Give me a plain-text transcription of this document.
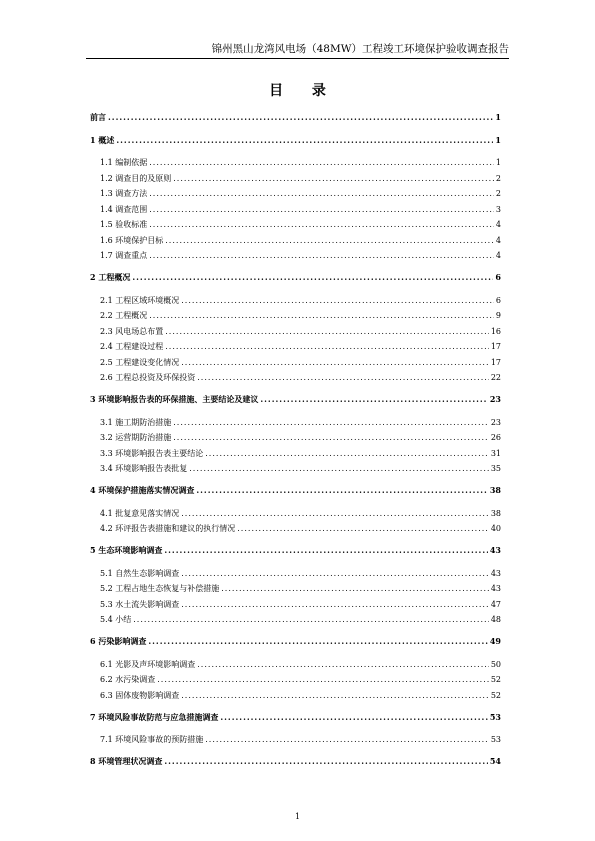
锦州黑山龙湾风电场（48MW）工程竣工环境保护验收调查报告
目 录
前言 .....	1
1 概述 .....	1
1.1 编制依据 .....	1
1.2 调查目的及原则 .....	2
1.3 调查方法 .....	2
1.4 调查范围 .....	3
1.5 验收标准 .....	4
1.6 环境保护目标 .....	4
1.7 调查重点 .....	4
2 工程概况 .....	6
2.1 工程区域环境概况 .....	6
2.2 工程概况 .....	9
2.3 风电场总布置 .....	16
2.4 工程建设过程 .....	17
2.5 工程建设变化情况 .....	17
2.6 工程总投资及环保投资 .....	22
3 环境影响报告表的环保措施、主要结论及建议 .....	23
3.1 施工期防治措施 .....	23
3.2 运营期防治措施 .....	26
3.3 环境影响报告表主要结论 .....	31
3.4 环境影响报告表批复 .....	35
4 环境保护措施落实情况调查 .....	38
4.1 批复意见落实情况 .....	38
4.2 环评报告表措施和建议的执行情况 .....	40
5 生态环境影响调查 .....	43
5.1 自然生态影响调查 .....	43
5.2 工程占地生态恢复与补偿措施 .....	43
5.3 水土流失影响调查 .....	47
5.4 小结 .....	48
6 污染影响调查 .....	49
6.1 光影及声环境影响调查 .....	50
6.2 水污染调查 .....	52
6.3 固体废物影响调查 .....	52
7 环境风险事故防范与应急措施调查 .....	53
7.1 环境风险事故的预防措施 .....	53
8 环境管理状况调查 .....	54
1
